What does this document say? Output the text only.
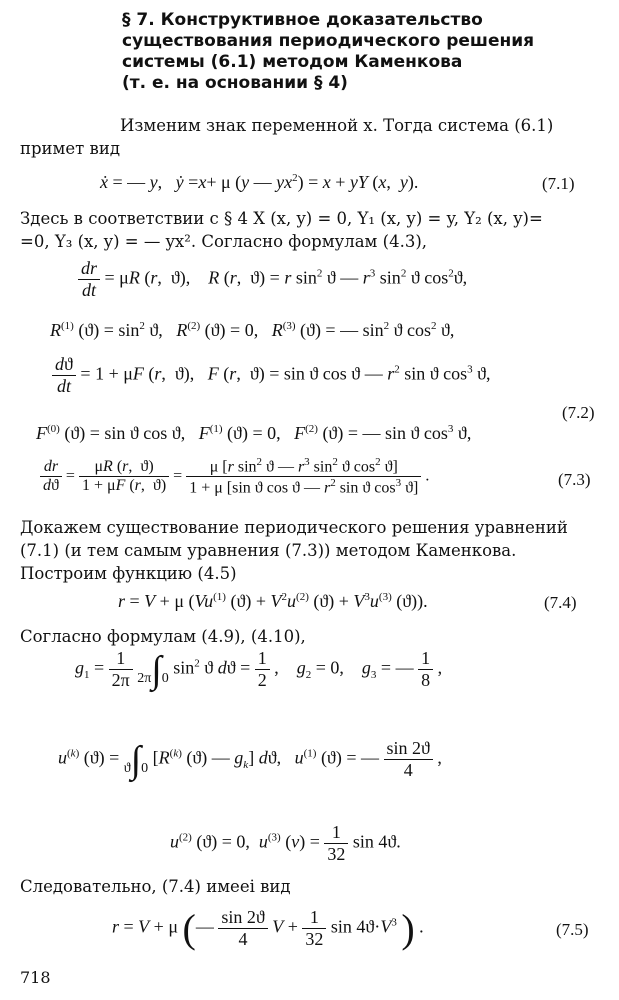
§ 7. Конструктивное доказательство
существования периодического решения
системы (6.1) методом Каменкова
(т. е. на основании § 4)
Изменим знак переменной x. Тогда система (6.1)
примет вид
ẋ = — y,   ẏ =x+ μ (y — $yx^2) = x$ + yY (x,  y).	(7.1)
Здесь в соответствии с § 4 X (x, y) = 0, Y₁ (x, y) = y, Y₂ (x, y)=
=0, Y₃ (x, y) = — yx². Согласно формулам (4.3),
$\frac{dr}{dt} = \mu R$ (r,  ϑ),    R (r,  ϑ) = r $\sin^2 ϑ$ — $r^3$ $\sin^2 ϑ$ $\cos^2ϑ$,
$R^{(1)}$ $(ϑ) = \sin^2 ϑ$,   $R^{(2)}$ (ϑ) = 0,   $R^{(3)}$ (ϑ) = — $\sin^2 ϑ$ $\cos^2 ϑ$,
$\frac{dϑ}{dt} = 1 + \mu F$ (r,  ϑ),   F (r,  ϑ) = sin ϑ cos ϑ — $r^2$ sin ϑ $\cos^3 ϑ$,
(7.2)
$F^{(0)}$ (ϑ) = sin ϑ cos ϑ,   $F^{(1)}$ (ϑ) = 0,   $F^{(2)}$ (ϑ) = — sin ϑ $\cos^3 ϑ$,
$\frac{dr}{dϑ} = \frac{\mu R (r, ϑ)}{1 + \mu F (r, ϑ)} = \frac{\mu [r \sin^2 ϑ — r^3 \sin^2 ϑ \cos^2 ϑ]}{1 + \mu [\sin ϑ \cos ϑ — r^2 \sin ϑ \cos^3 ϑ]}$ .	(7.3)
Докажем существование периодического решения уравнений
(7.1) (и тем самым уравнения (7.3)) методом Каменкова.
Построим функцию (4.5)
r = V + μ (Vu$^{(1)}$ $(ϑ) + V^2u^{(2)}$ $(ϑ) + V^3u^{(3)}$ (ϑ)).	(7.4)
Согласно формулам (4.9), (4.10),
$g_1 = \frac{1}{2\pi} 2\pi\int 0$ $\sin^2 ϑ$ $dϑ = \frac{1}{2}$ ,    $g_2 = 0$,    $g_3$ = — $\frac{1}{8}$ ,
$u^{(k)}$ (ϑ) = ϑ∫0 [$R^{(k)}$ (ϑ) — $g_k$] dϑ,   $u^{(1)}$ (ϑ) = — $\frac{\sin 2ϑ}{4}$ ,
$u^{(2)}$ (ϑ) = 0,  $u^{(3)}$ $(v) = \frac{1}{32}$ sin 4ϑ.
Следовательно, (7.4) имееі вид
r = V + μ (— $\frac{\sin 2ϑ}{4}$ $V + \frac{1}{32}$ $\sin 4ϑ\cdot V^3$ ) .	(7.5)
718
